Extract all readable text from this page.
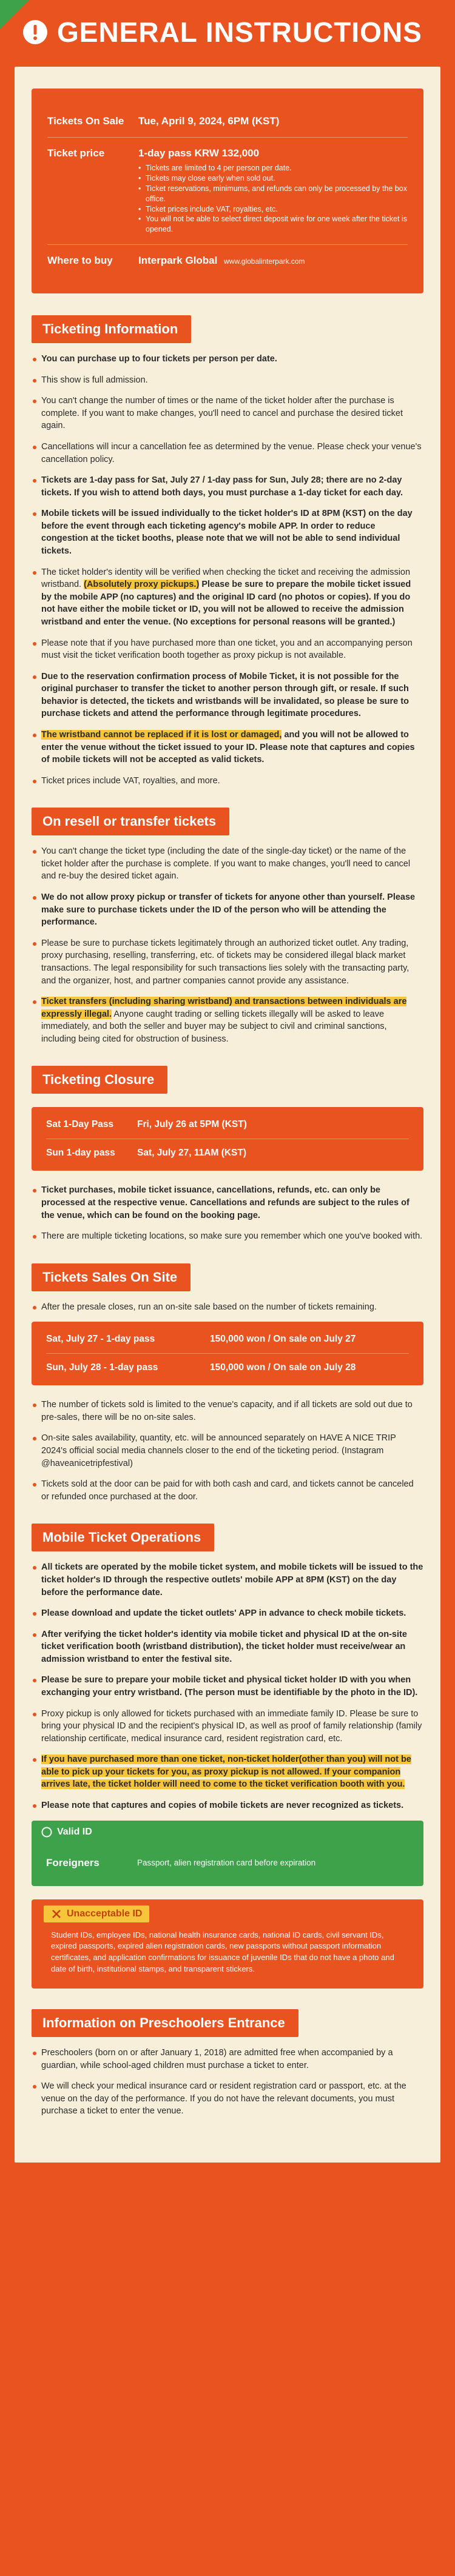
GENERAL INSTRUCTIONS
Tickets On Sale	Tue, April 9, 2024, 6PM (KST)
Ticket price	1-day pass KRW 132,000
• Tickets are limited to 4 per person per date.
• Tickets may close early when sold out.
• Ticket reservations, minimums, and refunds can only be processed by the box office.
• Ticket prices include VAT, royalties, etc.
• You will not be able to select direct deposit wire for one week after the ticket is opened.
Where to buy	Interpark Global www.globalinterpark.com
Ticketing Information
You can purchase up to four tickets per person per date.
This show is full admission.
You can't change the number of times or the name of the ticket holder after the purchase is complete. If you want to make changes, you'll need to cancel and purchase the desired ticket again.
Cancellations will incur a cancellation fee as determined by the venue. Please check your venue's cancellation policy.
Tickets are 1-day pass for Sat, July 27 / 1-day pass for Sun, July 28; there are no 2-day tickets. If you wish to attend both days, you must purchase a 1-day ticket for each day.
Mobile tickets will be issued individually to the ticket holder's ID at 8PM (KST) on the day before the event through each ticketing agency's mobile APP. In order to reduce congestion at the ticket booths, please note that we will not be able to send individual tickets.
The ticket holder's identity will be verified when checking the ticket and receiving the admission wristband. (Absolutely proxy pickups.) Please be sure to prepare the mobile ticket issued by the mobile APP (no captures) and the original ID card (no photos or copies). If you do not have either the mobile ticket or ID, you will not be allowed to receive the admission wristband and enter the venue. (No exceptions for personal reasons will be granted.)
Please note that if you have purchased more than one ticket, you and an accompanying person must visit the ticket verification booth together as proxy pickup is not available.
Due to the reservation confirmation process of Mobile Ticket, it is not possible for the original purchaser to transfer the ticket to another person through gift, or resale. If such behavior is detected, the tickets and wristbands will be invalidated, so please be sure to purchase tickets and attend the performance through legitimate procedures.
The wristband cannot be replaced if it is lost or damaged, and you will not be allowed to enter the venue without the ticket issued to your ID. Please note that captures and copies of mobile tickets will not be accepted as valid tickets.
Ticket prices include VAT, royalties, and more.
On resell or transfer tickets
You can't change the ticket type (including the date of the single-day ticket) or the name of the ticket holder after the purchase is complete. If you want to make changes, you'll need to cancel and re-buy the desired ticket again.
We do not allow proxy pickup or transfer of tickets for anyone other than yourself. Please make sure to purchase tickets under the ID of the person who will be attending the performance.
Please be sure to purchase tickets legitimately through an authorized ticket outlet. Any trading, proxy purchasing, reselling, transferring, etc. of tickets may be considered illegal black market transactions. The legal responsibility for such transactions lies solely with the transacting party, and the organizer, host, and partner companies cannot provide any assistance.
Ticket transfers (including sharing wristband) and transactions between individuals are expressly illegal. Anyone caught trading or selling tickets illegally will be asked to leave immediately, and both the seller and buyer may be subject to civil and criminal sanctions, including being cited for obstruction of business.
Ticketing Closure
Sat 1-Day Pass	Fri, July 26 at 5PM (KST)
Sun 1-day pass	Sat, July 27, 11AM (KST)
Ticket purchases, mobile ticket issuance, cancellations, refunds, etc. can only be processed at the respective venue. Cancellations and refunds are subject to the rules of the venue, which can be found on the booking page.
There are multiple ticketing locations, so make sure you remember which one you've booked with.
Tickets Sales On Site
After the presale closes, run an on-site sale based on the number of tickets remaining.
Sat, July 27 - 1-day pass	150,000 won / On sale on July 27
Sun, July 28 - 1-day pass	150,000 won / On sale on July 28
The number of tickets sold is limited to the venue's capacity, and if all tickets are sold out due to pre-sales, there will be no on-site sales.
On-site sales availability, quantity, etc. will be announced separately on HAVE A NICE TRIP 2024's official social media channels closer to the end of the ticketing period. (Instagram @haveanicetripfestival)
Tickets sold at the door can be paid for with both cash and card, and tickets cannot be canceled or refunded once purchased at the door.
Mobile Ticket Operations
All tickets are operated by the mobile ticket system, and mobile tickets will be issued to the ticket holder's ID through the respective outlets' mobile APP at 8PM (KST) on the day before the performance date.
Please download and update the ticket outlets' APP in advance to check mobile tickets.
After verifying the ticket holder's identity via mobile ticket and physical ID at the on-site ticket verification booth (wristband distribution), the ticket holder must receive/wear an admission wristband to enter the festival site.
Please be sure to prepare your mobile ticket and physical ticket holder ID with you when exchanging your entry wristband. (The person must be identifiable by the photo in the ID).
Proxy pickup is only allowed for tickets purchased with an immediate family ID. Please be sure to bring your physical ID and the recipient's physical ID, as well as proof of family relationship (family relationship certificate, medical insurance card, resident registration card, etc.
If you have purchased more than one ticket, non-ticket holder(other than you) will not be able to pick up your tickets for you, as proxy pickup is not allowed. If your companion arrives late, the ticket holder will need to come to the ticket verification booth with you.
Please note that captures and copies of mobile tickets are never recognized as tickets.
Valid ID
Foreigners	Passport, alien registration card before expiration
Unacceptable ID
Student IDs, employee IDs, national health insurance cards, national ID cards, civil servant IDs, expired passports, expired alien registration cards, new passports without passport information certificates, and application confirmations for issuance of juvenile IDs that do not have a photo and date of birth, institutional stamps, and transparent stickers.
Information on Preschoolers Entrance
Preschoolers (born on or after January 1, 2018) are admitted free when accompanied by a guardian, while school-aged children must purchase a ticket to enter.
We will check your medical insurance card or resident registration card or passport, etc. at the venue on the day of the performance. If you do not have the relevant documents, you must purchase a ticket to enter the venue.
